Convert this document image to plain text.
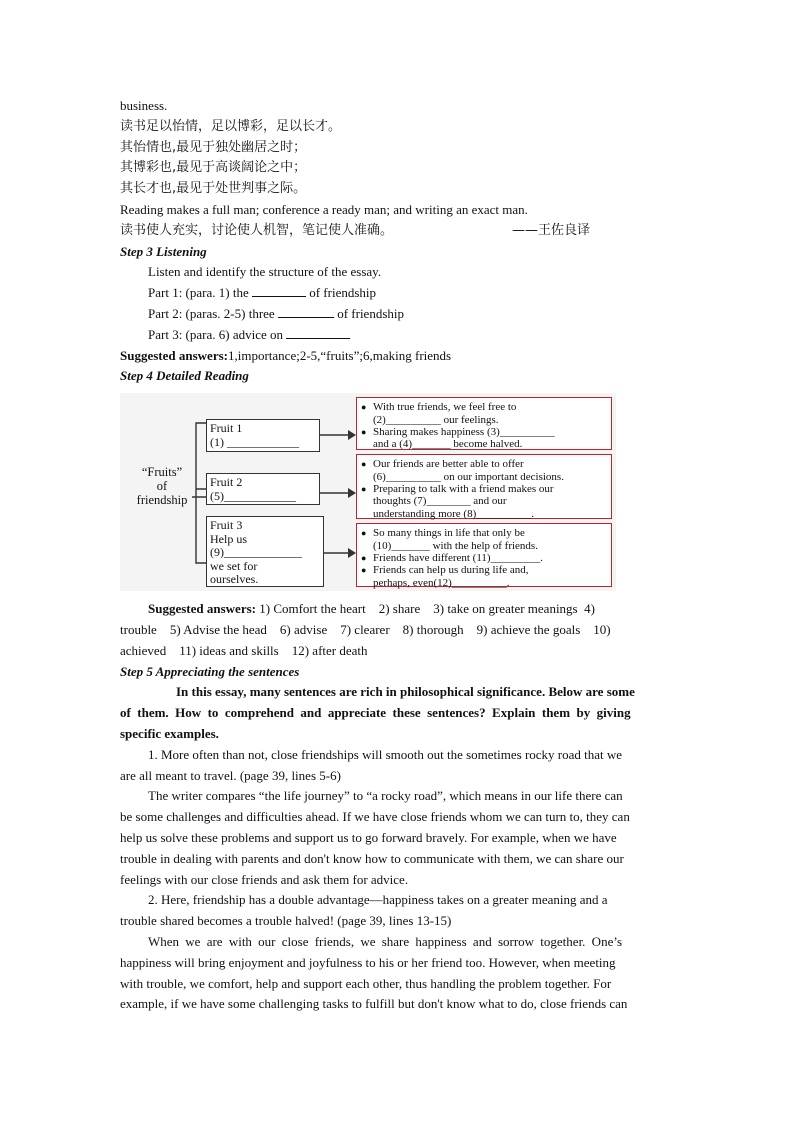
business.
读书足以怡情，足以博彩，足以长才。
其怡情也,最见于独处幽居之时；
其博彩也,最见于高谈阔论之中；
其长才也,最见于处世判事之际。
Reading makes a full man; conference a ready man; and writing an exact man.
读书使人充实，讨论使人机智，笔记使人准确。	——王佐良译
Step 3 Listening
Listen and identify the structure of the essay.
Part 1: (para. 1) the	of friendship
Part 2: (paras. 2-5) three	of friendship
Part 3: (para. 6) advice on
Suggested answers:1,importance;2-5,“fruits”;6,making friends
Step 4 Detailed Reading
“Fruits”
of
friendship
Fruit 1
(1) ____________
Fruit 2
(5)____________
Fruit 3
Help us
(9)_____________
we set for
ourselves.
● With true friends, we feel free to
(2)__________ our feelings.
● Sharing makes happiness (3)__________
and a (4)_______ become halved.
● Our friends are better able to offer
(6)__________ on our important decisions.
● Preparing to talk with a friend makes our
thoughts (7)________ and our
understanding more (8)__________.
● So many things in life that only be
(10)_______ with the help of friends.
● Friends have different (11)_________.
● Friends can help us during life and,
perhaps, even(12)__________.
Suggested answers: 1) Comfort the heart    2) share    3) take on greater meanings  4)
trouble    5) Advise the head    6) advise    7) clearer    8) thorough    9) achieve the goals    10)
achieved    11) ideas and skills    12) after death
Step 5 Appreciating the sentences
In this essay, many sentences are rich in philosophical significance. Below are some
of them. How to comprehend and appreciate these sentences? Explain them by giving
specific examples.
1. More often than not, close friendships will smooth out the sometimes rocky road that we
are all meant to travel. (page 39, lines 5-6)
The writer compares “the life journey” to “a rocky road”, which means in our life there can
be some challenges and difficulties ahead. If we have close friends whom we can turn to, they can
help us solve these problems and support us to go forward bravely. For example, when we have
trouble in dealing with parents and don't know how to communicate with them, we can share our
feelings with our close friends and ask them for advice.
2. Here, friendship has a double advantage—happiness takes on a greater meaning and a
trouble shared becomes a trouble halved! (page 39, lines 13-15)
When we are with our close friends, we share happiness and sorrow together. One’s
happiness will bring enjoyment and joyfulness to his or her friend too. However, when meeting
with trouble, we comfort, help and support each other, thus handling the problem together. For
example, if we have some challenging tasks to fulfill but don't know what to do, close friends can
